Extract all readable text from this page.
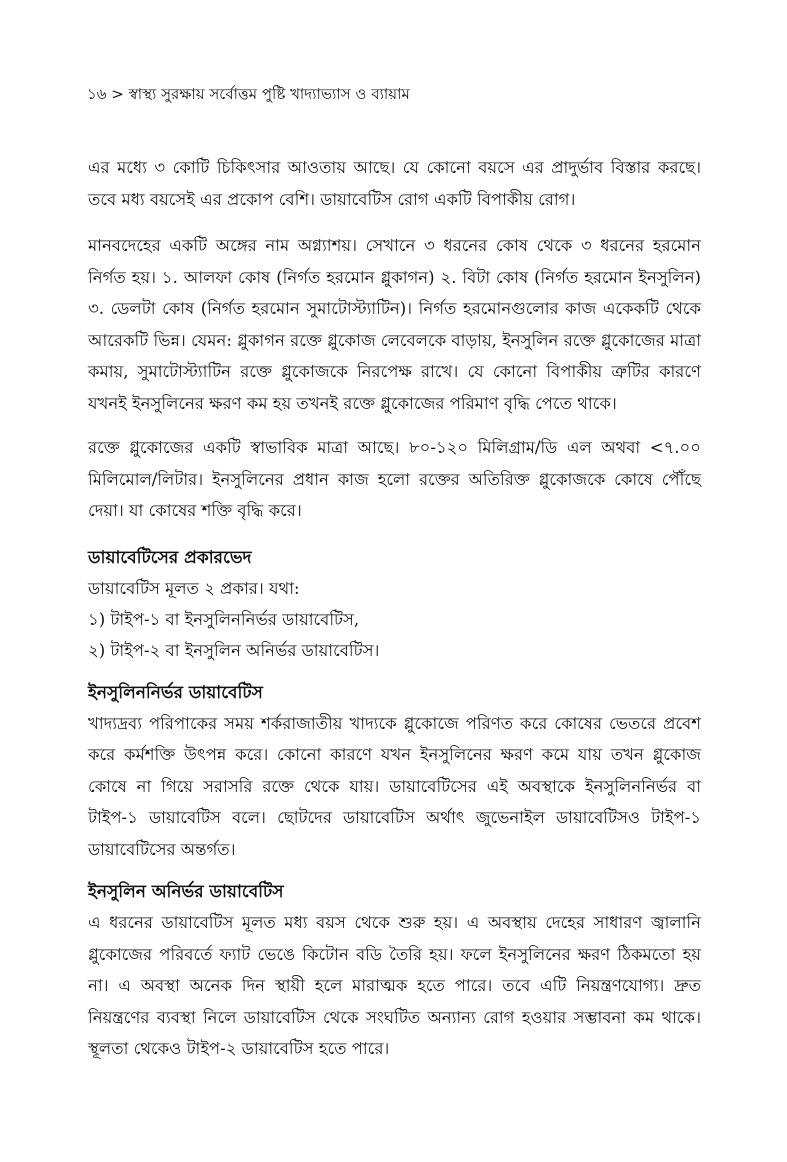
১৬ > স্বাস্থ্য সুরক্ষায় সর্বোত্তম পুষ্টি খাদ্যাভ্যাস ও ব্যায়াম

এর মধ্যে ৩ কোটি চিকিৎসার আওতায় আছে। যে কোনো বয়সে এর প্রাদুর্ভাব বিস্তার করছে। তবে মধ্য বয়সেই এর প্রকোপ বেশি। ডায়াবেটিস রোগ একটি বিপাকীয় রোগ।

মানবদেহের একটি অঙ্গের নাম অগ্ন্যাশয়। সেখানে ৩ ধরনের কোষ থেকে ৩ ধরনের হরমোন নির্গত হয়। ১. আলফা কোষ (নির্গত হরমোন গ্লুকাগন) ২. বিটা কোষ (নির্গত হরমোন ইনসুলিন) ৩. ডেলটা কোষ (নির্গত হরমোন সুমাটোস্ট্যাটিন)। নির্গত হরমোনগুলোর কাজ একেকটি থেকে আরেকটি ভিন্ন। যেমন: গ্লুকাগন রক্তে গ্লুকোজ লেবেলকে বাড়ায়, ইনসুলিন রক্তে গ্লুকোজের মাত্রা কমায়, সুমাটোস্ট্যাটিন রক্তে গ্লুকোজকে নিরপেক্ষ রাখে। যে কোনো বিপাকীয় ত্রুটির কারণে যখনই ইনসুলিনের ক্ষরণ কম হয় তখনই রক্তে গ্লুকোজের পরিমাণ বৃদ্ধি পেতে থাকে।

রক্তে গ্লুকোজের একটি স্বাভাবিক মাত্রা আছে। ৮০-১২০ মিলিগ্রাম/ডি এল অথবা <৭.০০ মিলিমোল/লিটার। ইনসুলিনের প্রধান কাজ হলো রক্তের অতিরিক্ত গ্লুকোজকে কোষে পৌঁছে দেয়া। যা কোষের শক্তি বৃদ্ধি করে।

ডায়াবেটিসের প্রকারভেদ

ডায়াবেটিস মূলত ২ প্রকার। যথা:

১) টাইপ-১ বা ইনসুলিননির্ভর ডায়াবেটিস,
২) টাইপ-২ বা ইনসুলিন অনির্ভর ডায়াবেটিস।
ইনসুলিননির্ভর ডায়াবেটিস

খাদ্যদ্রব্য পরিপাকের সময় শর্করাজাতীয় খাদ্যকে গ্লুকোজে পরিণত করে কোষের ভেতরে প্রবেশ করে কর্মশক্তি উৎপন্ন করে। কোনো কারণে যখন ইনসুলিনের ক্ষরণ কমে যায় তখন গ্লুকোজ কোষে না গিয়ে সরাসরি রক্তে থেকে যায়। ডায়াবেটিসের এই অবস্থাকে ইনসুলিননির্ভর বা টাইপ-১ ডায়াবেটিস বলে। ছোটদের ডায়াবেটিস অর্থাৎ জুভেনাইল ডায়াবেটিসও টাইপ-১ ডায়াবেটিসের অন্তর্গত।

ইনসুলিন অনির্ভর ডায়াবেটিস

এ ধরনের ডায়াবেটিস মূলত মধ্য বয়স থেকে শুরু হয়। এ অবস্থায় দেহের সাধারণ জ্বালানি গ্লুকোজের পরিবর্তে ফ্যাট ভেঙে কিটোন বডি তৈরি হয়। ফলে ইনসুলিনের ক্ষরণ ঠিকমতো হয় না। এ অবস্থা অনেক দিন স্থায়ী হলে মারাত্মক হতে পারে। তবে এটি নিয়ন্ত্রণযোগ্য। দ্রুত নিয়ন্ত্রণের ব্যবস্থা নিলে ডায়াবেটিস থেকে সংঘটিত অন্যান্য রোগ হওয়ার সম্ভাবনা কম থাকে। স্থূলতা থেকেও টাইপ-২ ডায়াবেটিস হতে পারে।
